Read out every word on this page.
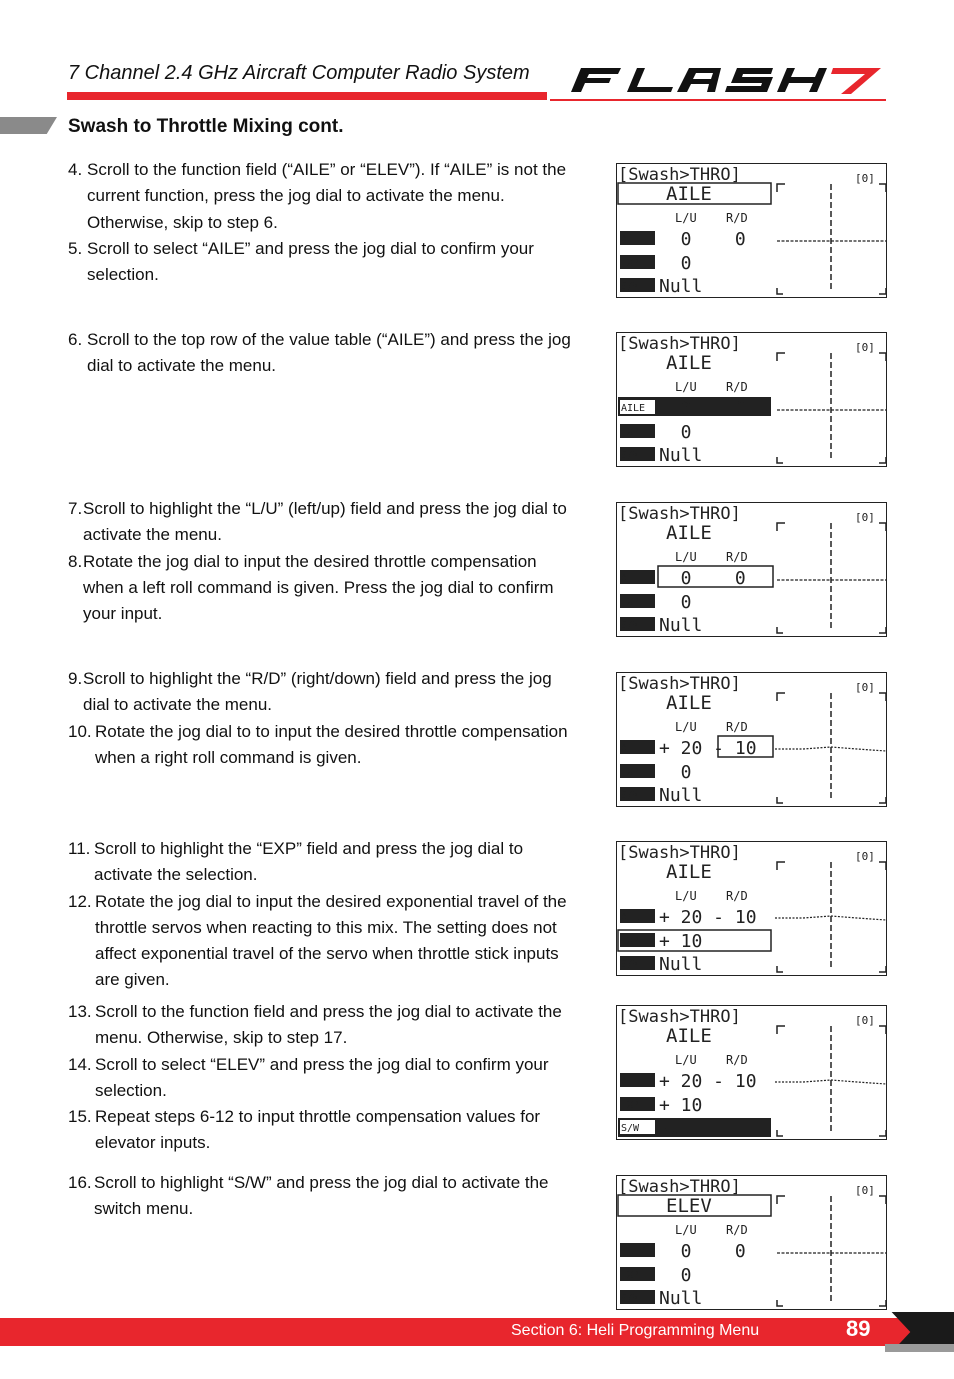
7 Channel 2.4 GHz Aircraft Computer Radio System
Swash to Throttle Mixing cont.
4. Scroll to the function field (“AILE” or “ELEV”). If “AILE” is not the current function, press the jog dial to activate the menu. Otherwise, skip to step 6.
5. Scroll to select “AILE” and press the jog dial to confirm your selection.
6. Scroll to the top row of the value table (“AILE”) and press the jog dial to activate the menu.
7. Scroll to highlight the “L/U” (left/up) field and press the jog dial to activate the menu.
8. Rotate the jog dial to input the desired throttle compensation when a left roll command is given. Press the jog dial to confirm your input.
9. Scroll to highlight the “R/D” (right/down) field and press the jog dial to activate the menu.
10. Rotate the jog dial to to input the desired throttle compensation when a right roll command is given.
11. Scroll to highlight the “EXP” field and press the jog dial to activate the selection.
12. Rotate the jog dial to input the desired exponential travel of the throttle servos when reacting to this mix. The setting does not affect exponential travel of the servo when throttle stick inputs are given.
13. Scroll to the function field and press the jog dial to activate the menu. Otherwise, skip to step 17.
14. Scroll to select “ELEV” and press the jog dial to confirm your selection.
15. Repeat steps 6-12 to input throttle compensation values for elevator inputs.
16. Scroll to highlight “S/W” and press the jog dial to activate the switch menu.
[Swash>THRO]	[0]
AILE
L/U R/D
AILE 0    0
EXP 0
S/W Null
[Swash>THRO]	[0]
AILE
L/U R/D
AILE 0    0
EXP 0
S/W Null
[Swash>THRO]	[0]
AILE
L/U R/D
AILE 0    0
EXP 0
S/W Null
[Swash>THRO]	[0]
AILE
L/U R/D
AILE + 20 - 10
EXP 0
S/W Null
[Swash>THRO]	[0]
AILE
L/U R/D
AILE + 20 - 10
EXP + 10
S/W Null
[Swash>THRO]	[0]
AILE
L/U R/D
AILE + 20 - 10
EXP + 10
S/W Null
[Swash>THRO]	[0]
ELEV
L/U R/D
ELEV 0    0
EXP 0
S/W Null
Section 6: Heli Programming Menu	89
